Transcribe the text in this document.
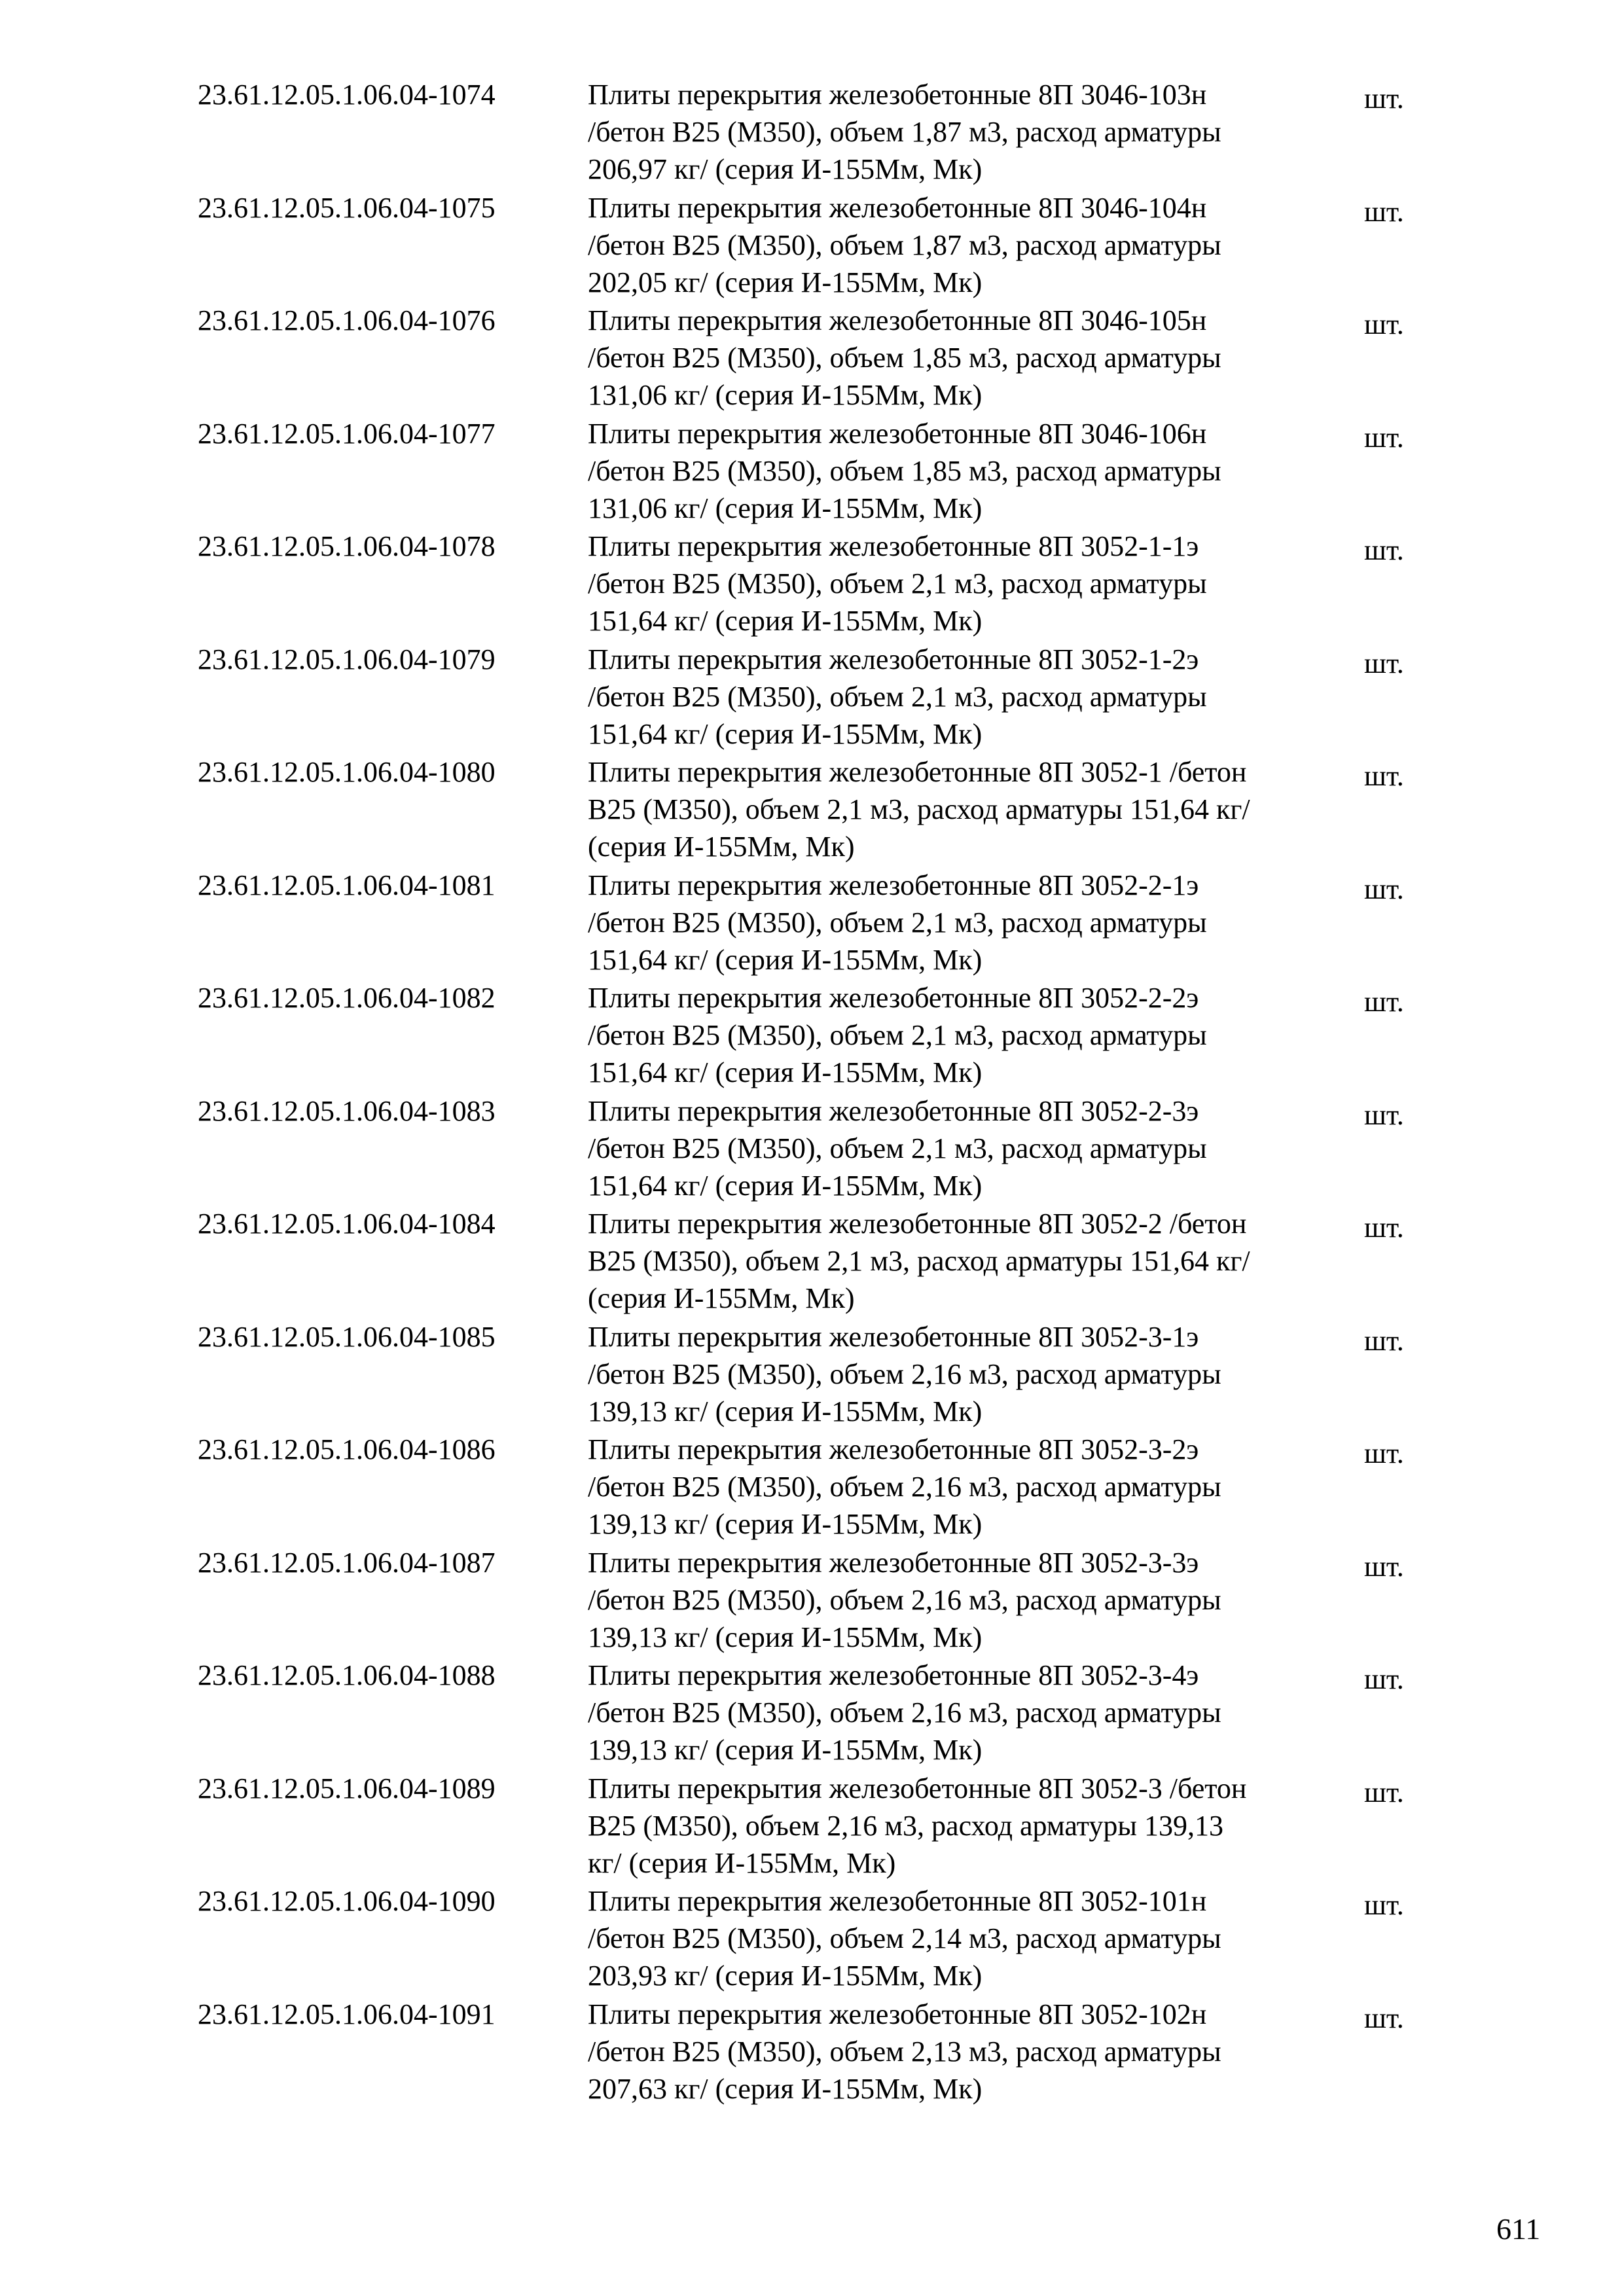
23.61.12.05.1.06.04-1074	Плиты перекрытия железобетонные 8П 3046-103н
/бетон В25 (М350), объем 1,87 м3, расход арматуры
206,97 кг/ (серия И-155Мм, Мк)
шт.
23.61.12.05.1.06.04-1075	Плиты перекрытия железобетонные 8П 3046-104н
/бетон В25 (М350), объем 1,87 м3, расход арматуры
202,05 кг/ (серия И-155Мм, Мк)
шт.
23.61.12.05.1.06.04-1076	Плиты перекрытия железобетонные 8П 3046-105н
/бетон В25 (М350), объем 1,85 м3, расход арматуры
131,06 кг/ (серия И-155Мм, Мк)
шт.
23.61.12.05.1.06.04-1077	Плиты перекрытия железобетонные 8П 3046-106н
/бетон В25 (М350), объем 1,85 м3, расход арматуры
131,06 кг/ (серия И-155Мм, Мк)
шт.
23.61.12.05.1.06.04-1078	Плиты перекрытия железобетонные 8П 3052-1-1э
/бетон В25 (М350), объем 2,1 м3, расход арматуры
151,64 кг/ (серия И-155Мм, Мк)
шт.
23.61.12.05.1.06.04-1079	Плиты перекрытия железобетонные 8П 3052-1-2э
/бетон В25 (М350), объем 2,1 м3, расход арматуры
151,64 кг/ (серия И-155Мм, Мк)
шт.
23.61.12.05.1.06.04-1080	Плиты перекрытия железобетонные 8П 3052-1 /бетон
В25 (М350), объем 2,1 м3, расход арматуры 151,64 кг/
(серия И-155Мм, Мк)
шт.
23.61.12.05.1.06.04-1081	Плиты перекрытия железобетонные 8П 3052-2-1э
/бетон В25 (М350), объем 2,1 м3, расход арматуры
151,64 кг/ (серия И-155Мм, Мк)
шт.
23.61.12.05.1.06.04-1082	Плиты перекрытия железобетонные 8П 3052-2-2э
/бетон В25 (М350), объем 2,1 м3, расход арматуры
151,64 кг/ (серия И-155Мм, Мк)
шт.
23.61.12.05.1.06.04-1083	Плиты перекрытия железобетонные 8П 3052-2-3э
/бетон В25 (М350), объем 2,1 м3, расход арматуры
151,64 кг/ (серия И-155Мм, Мк)
шт.
23.61.12.05.1.06.04-1084	Плиты перекрытия железобетонные 8П 3052-2 /бетон
В25 (М350), объем 2,1 м3, расход арматуры 151,64 кг/
(серия И-155Мм, Мк)
шт.
23.61.12.05.1.06.04-1085	Плиты перекрытия железобетонные 8П 3052-3-1э
/бетон В25 (М350), объем 2,16 м3, расход арматуры
139,13 кг/ (серия И-155Мм, Мк)
шт.
23.61.12.05.1.06.04-1086	Плиты перекрытия железобетонные 8П 3052-3-2э
/бетон В25 (М350), объем 2,16 м3, расход арматуры
139,13 кг/ (серия И-155Мм, Мк)
шт.
23.61.12.05.1.06.04-1087	Плиты перекрытия железобетонные 8П 3052-3-3э
/бетон В25 (М350), объем 2,16 м3, расход арматуры
139,13 кг/ (серия И-155Мм, Мк)
шт.
23.61.12.05.1.06.04-1088	Плиты перекрытия железобетонные 8П 3052-3-4э
/бетон В25 (М350), объем 2,16 м3, расход арматуры
139,13 кг/ (серия И-155Мм, Мк)
шт.
23.61.12.05.1.06.04-1089	Плиты перекрытия железобетонные 8П 3052-3 /бетон
В25 (М350), объем 2,16 м3, расход арматуры 139,13
кг/ (серия И-155Мм, Мк)
шт.
23.61.12.05.1.06.04-1090	Плиты перекрытия железобетонные 8П 3052-101н
/бетон В25 (М350), объем 2,14 м3, расход арматуры
203,93 кг/ (серия И-155Мм, Мк)
шт.
23.61.12.05.1.06.04-1091	Плиты перекрытия железобетонные 8П 3052-102н
/бетон В25 (М350), объем 2,13 м3, расход арматуры
207,63 кг/ (серия И-155Мм, Мк)
шт.
611
